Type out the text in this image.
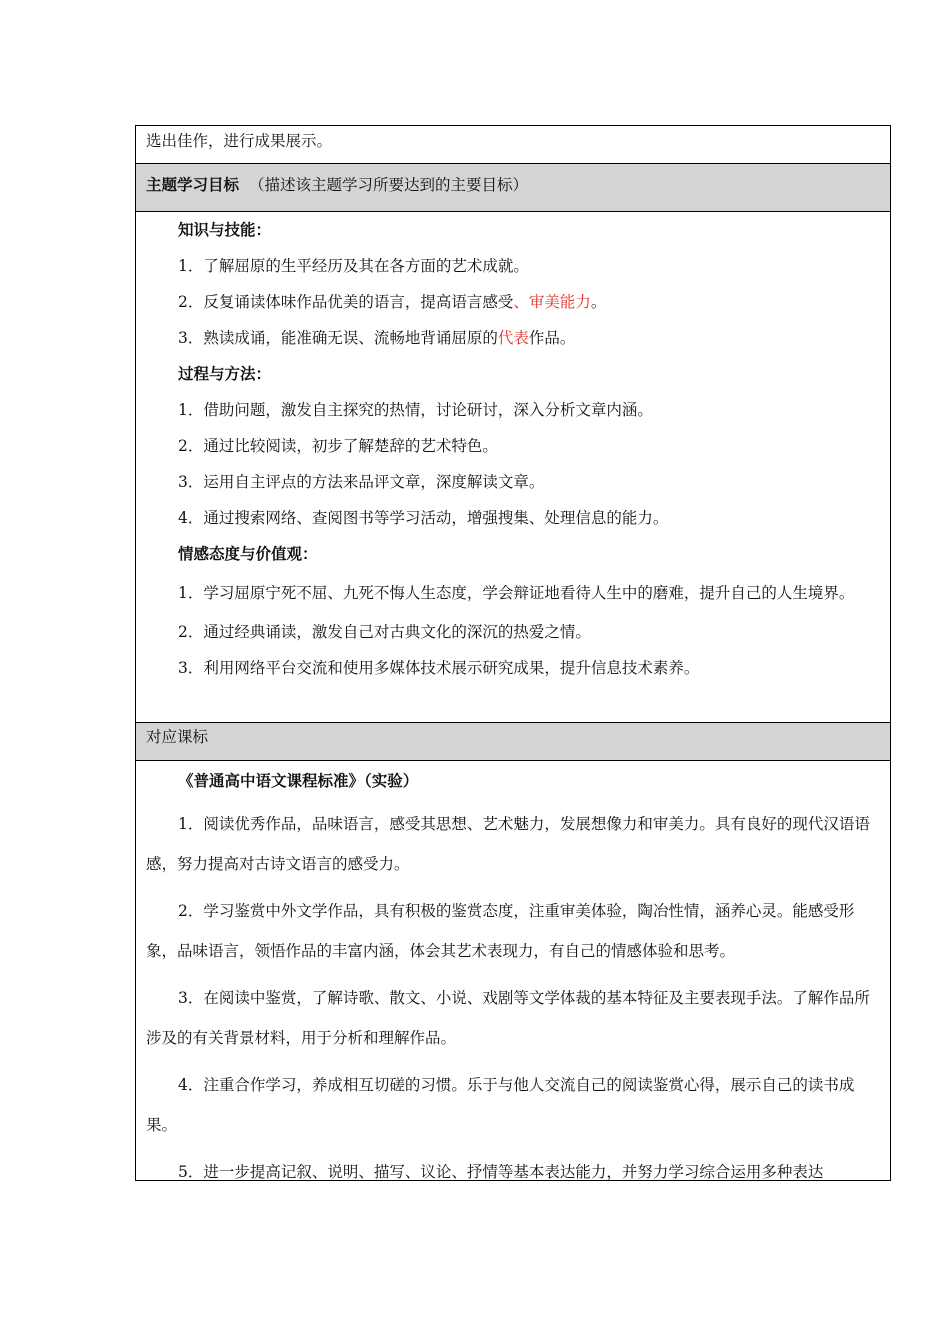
选出佳作，进行成果展示。

主题学习目标 （描述该主题学习所要达到的主要目标）

知识与技能：

1．了解屈原的生平经历及其在各方面的艺术成就。

2．反复诵读体味作品优美的语言，提高语言感受、审美能力。

3．熟读成诵，能准确无误、流畅地背诵屈原的代表作品。

过程与方法：

1．借助问题，激发自主探究的热情，讨论研讨，深入分析文章内涵。

2．通过比较阅读，初步了解楚辞的艺术特色。

3．运用自主评点的方法来品评文章，深度解读文章。

4．通过搜索网络、查阅图书等学习活动，增强搜集、处理信息的能力。

情感态度与价值观：

1．学习屈原宁死不屈、九死不悔人生态度，学会辩证地看待人生中的磨难，提升自己的人生境界。

2．通过经典诵读，激发自己对古典文化的深沉的热爱之情。

3．利用网络平台交流和使用多媒体技术展示研究成果，提升信息技术素养。

对应课标

《普通高中语文课程标准》（实验）

1．阅读优秀作品，品味语言，感受其思想、艺术魅力，发展想像力和审美力。具有良好的现代汉语语感，努力提高对古诗文语言的感受力。

2．学习鉴赏中外文学作品，具有积极的鉴赏态度，注重审美体验，陶冶性情，涵养心灵。能感受形象，品味语言，领悟作品的丰富内涵，体会其艺术表现力，有自己的情感体验和思考。

3．在阅读中鉴赏，了解诗歌、散文、小说、戏剧等文学体裁的基本特征及主要表现手法。了解作品所涉及的有关背景材料，用于分析和理解作品。

4．注重合作学习，养成相互切磋的习惯。乐于与他人交流自己的阅读鉴赏心得，展示自己的读书成果。

5．进一步提高记叙、说明、描写、议论、抒情等基本表达能力，并努力学习综合运用多种表达
